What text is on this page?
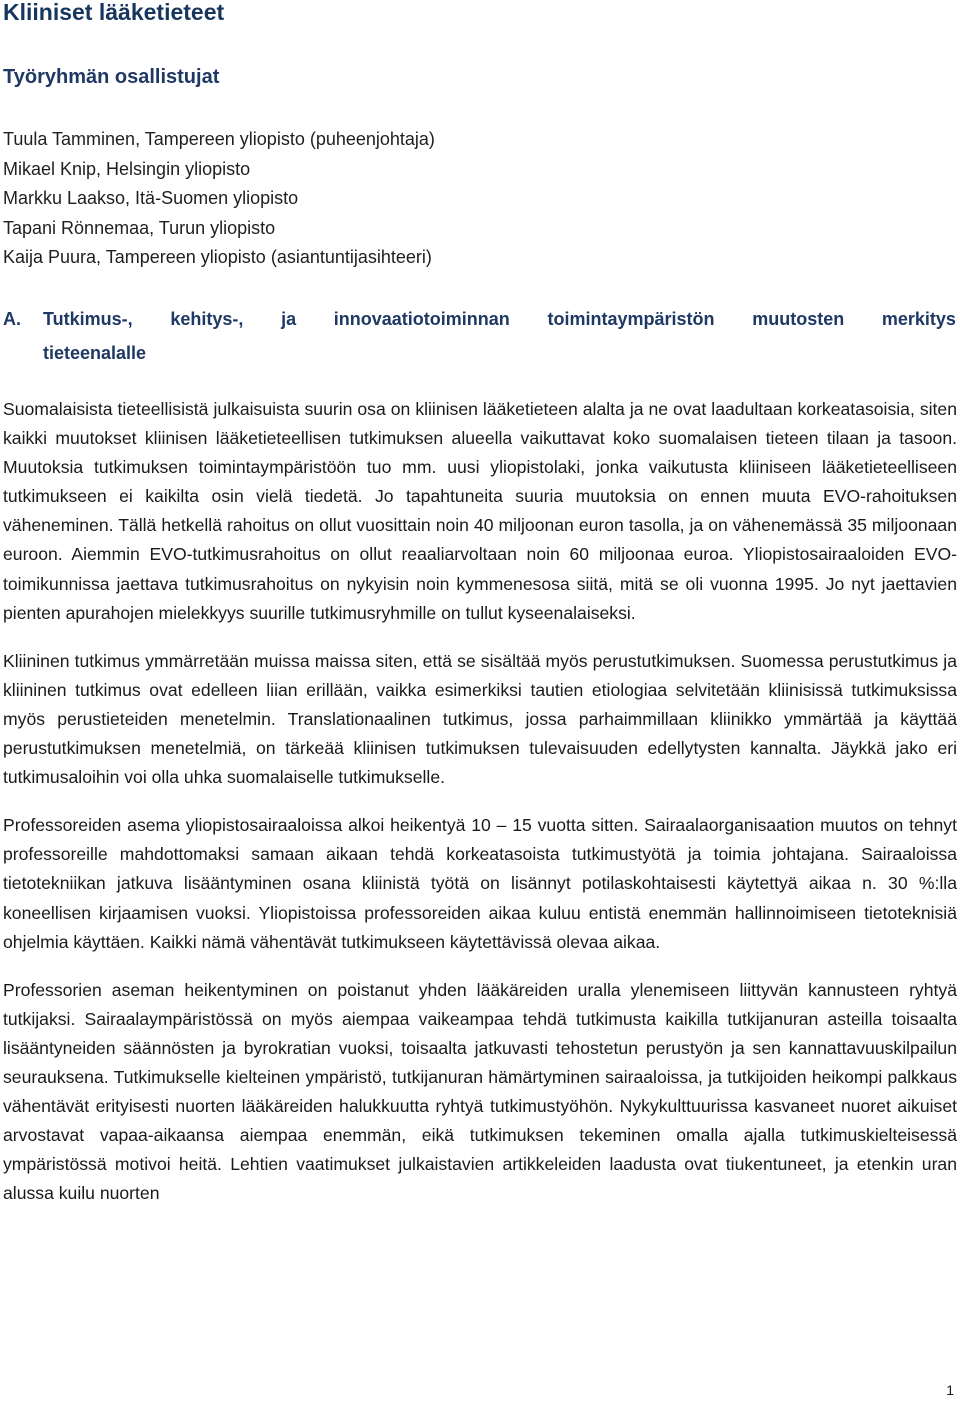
Kliiniset lääketieteet
Työryhmän osallistujat
Tuula Tamminen, Tampereen yliopisto (puheenjohtaja)
Mikael Knip, Helsingin yliopisto
Markku Laakso, Itä-Suomen yliopisto
Tapani Rönnemaa, Turun yliopisto
Kaija Puura, Tampereen yliopisto (asiantuntijasihteeri)
A. Tutkimus-, kehitys-, ja innovaatiotoiminnan toimintaympäristön muutosten merkitys
tieteenalalle

Suomalaisista tieteellisistä julkaisuista suurin osa on kliinisen lääketieteen alalta ja ne ovat laadultaan korkeatasoisia, siten kaikki muutokset kliinisen lääketieteellisen tutkimuksen alueella vaikuttavat koko suomalaisen tieteen tilaan ja tasoon. Muutoksia tutkimuksen toimintaympäristöön tuo mm. uusi yliopistolaki, jonka vaikutusta kliiniseen lääketieteelliseen tutkimukseen ei kaikilta osin vielä tiedetä. Jo tapahtuneita suuria muutoksia on ennen muuta EVO-rahoituksen väheneminen. Tällä hetkellä rahoitus on ollut vuosittain noin 40 miljoonan euron tasolla, ja on vähenemässä 35 miljoonaan euroon. Aiemmin EVO-tutkimusrahoitus on ollut reaaliarvoltaan noin 60 miljoonaa euroa. Yliopistosairaaloiden EVO-toimikunnissa jaettava tutkimusrahoitus on nykyisin noin kymmenesosa siitä, mitä se oli vuonna 1995. Jo nyt jaettavien pienten apurahojen mielekkyys suurille tutkimusryhmille on tullut kyseenalaiseksi.

Kliininen tutkimus ymmärretään muissa maissa siten, että se sisältää myös perustutkimuksen. Suomessa perustutkimus ja kliininen tutkimus ovat edelleen liian erillään, vaikka esimerkiksi tautien etiologiaa selvitetään kliinisissä tutkimuksissa myös perustieteiden menetelmin. Translationaalinen tutkimus, jossa parhaimmillaan kliinikko ymmärtää ja käyttää perustutkimuksen menetelmiä, on tärkeää kliinisen tutkimuksen tulevaisuuden edellytysten kannalta. Jäykkä jako eri tutkimusaloihin voi olla uhka suomalaiselle tutkimukselle.

Professoreiden asema yliopistosairaaloissa alkoi heikentyä 10 – 15 vuotta sitten. Sairaalaorganisaation muutos on tehnyt professoreille mahdottomaksi samaan aikaan tehdä korkeatasoista tutkimustyötä ja toimia johtajana. Sairaaloissa tietotekniikan jatkuva lisääntyminen osana kliinistä työtä on lisännyt potilaskohtaisesti käytettyä aikaa n. 30 %:lla koneellisen kirjaamisen vuoksi. Yliopistoissa professoreiden aikaa kuluu entistä enemmän hallinnoimiseen tietoteknisiä ohjelmia käyttäen. Kaikki nämä vähentävät tutkimukseen käytettävissä olevaa aikaa.

Professorien aseman heikentyminen on poistanut yhden lääkäreiden uralla ylenemiseen liittyvän kannusteen ryhtyä tutkijaksi. Sairaalaympäristössä on myös aiempaa vaikeampaa tehdä tutkimusta kaikilla tutkijanuran asteilla toisaalta lisääntyneiden säännösten ja byrokratian vuoksi, toisaalta jatkuvasti tehostetun perustyön ja sen kannattavuuskilpailun seurauksena. Tutkimukselle kielteinen ympäristö, tutkijanuran hämärtyminen sairaaloissa, ja tutkijoiden heikompi palkkaus vähentävät erityisesti nuorten lääkäreiden halukkuutta ryhtyä tutkimustyöhön. Nykykulttuurissa kasvaneet nuoret aikuiset arvostavat vapaa-aikaansa aiempaa enemmän, eikä tutkimuksen tekeminen omalla ajalla tutkimuskielteisessä ympäristössä motivoi heitä. Lehtien vaatimukset julkaistavien artikkeleiden laadusta ovat tiukentuneet, ja etenkin uran alussa kuilu nuorten

1
